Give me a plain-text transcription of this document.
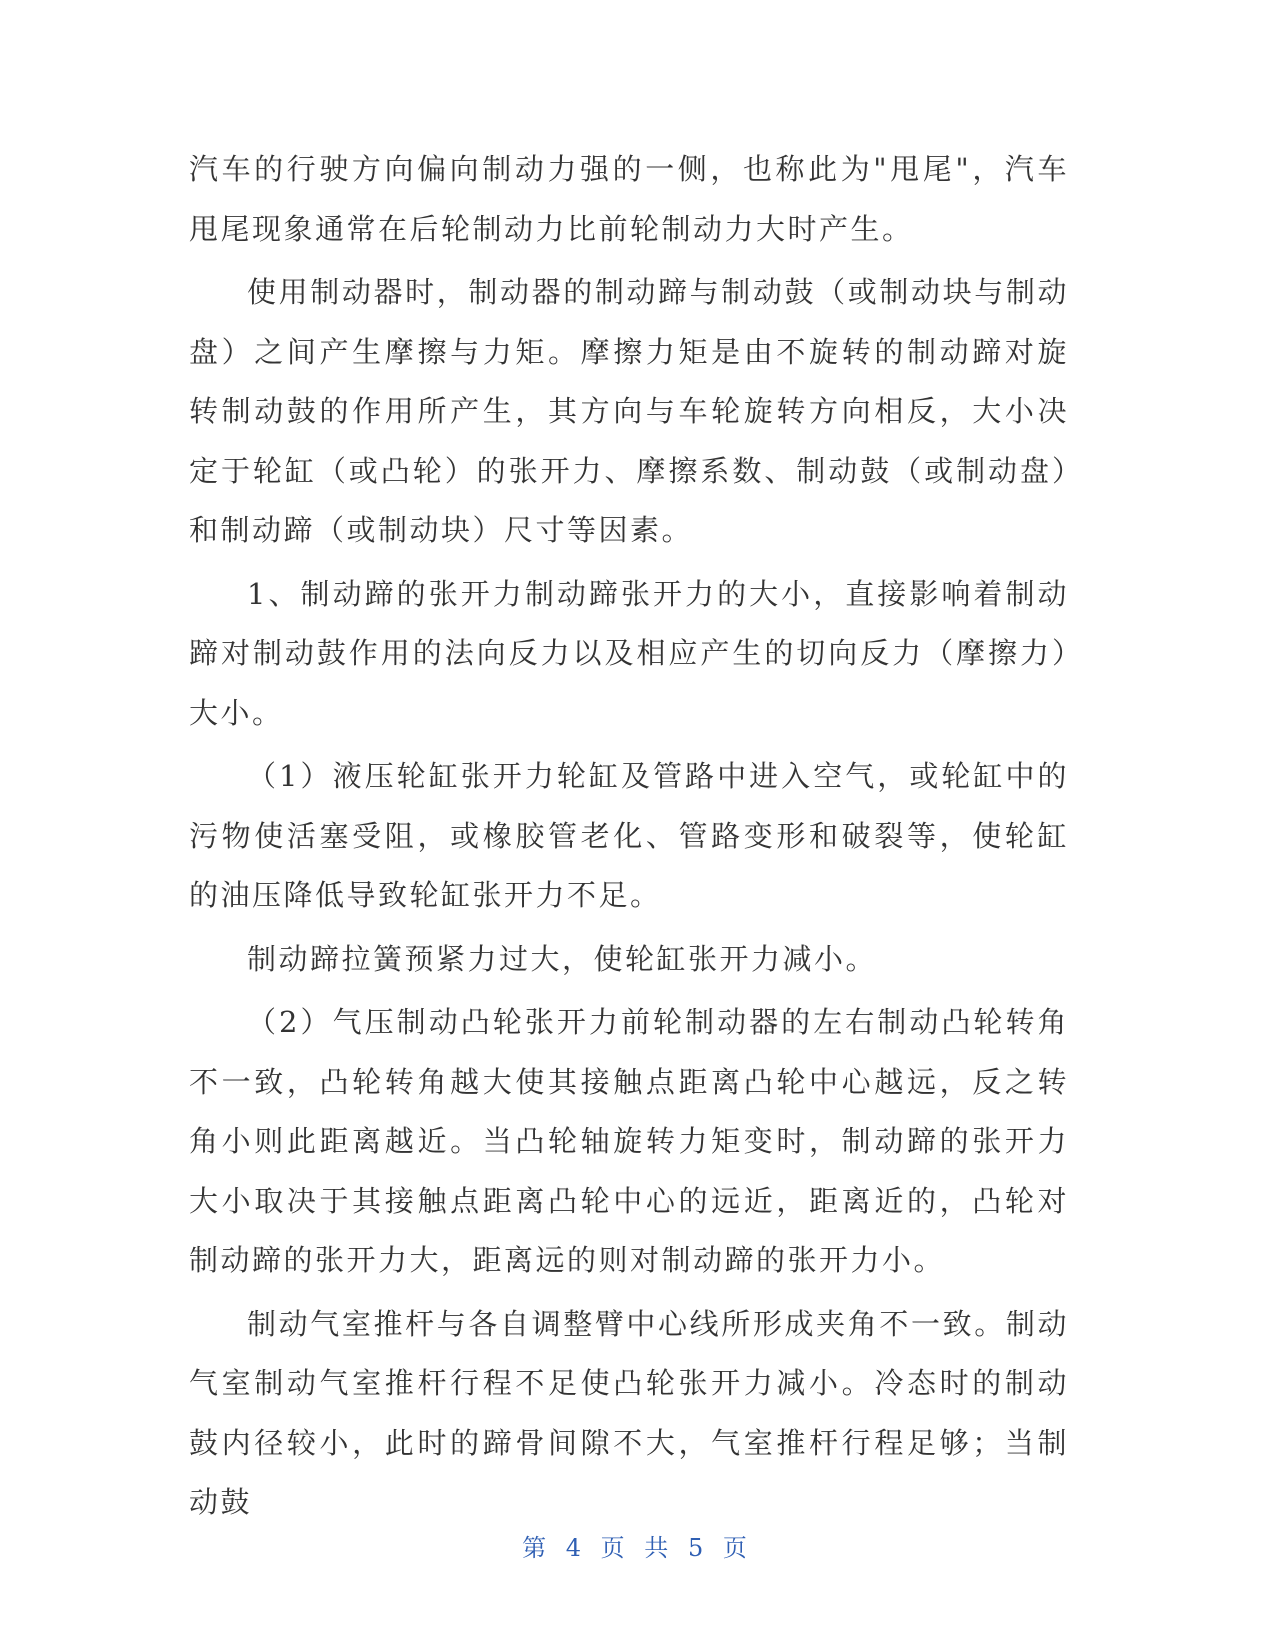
汽车的行驶方向偏向制动力强的一侧，也称此为"甩尾"，汽车甩尾现象通常在后轮制动力比前轮制动力大时产生。

使用制动器时，制动器的制动蹄与制动鼓（或制动块与制动盘）之间产生摩擦与力矩。摩擦力矩是由不旋转的制动蹄对旋转制动鼓的作用所产生，其方向与车轮旋转方向相反，大小决定于轮缸（或凸轮）的张开力、摩擦系数、制动鼓（或制动盘）和制动蹄（或制动块）尺寸等因素。

1、制动蹄的张开力制动蹄张开力的大小，直接影响着制动蹄对制动鼓作用的法向反力以及相应产生的切向反力（摩擦力）大小。

（1）液压轮缸张开力轮缸及管路中进入空气，或轮缸中的污物使活塞受阻，或橡胶管老化、管路变形和破裂等，使轮缸的油压降低导致轮缸张开力不足。

制动蹄拉簧预紧力过大，使轮缸张开力减小。

（2）气压制动凸轮张开力前轮制动器的左右制动凸轮转角不一致，凸轮转角越大使其接触点距离凸轮中心越远，反之转角小则此距离越近。当凸轮轴旋转力矩变时，制动蹄的张开力大小取决于其接触点距离凸轮中心的远近，距离近的，凸轮对制动蹄的张开力大，距离远的则对制动蹄的张开力小。

制动气室推杆与各自调整臂中心线所形成夹角不一致。制动气室制动气室推杆行程不足使凸轮张开力减小。冷态时的制动鼓内径较小，此时的蹄骨间隙不大，气室推杆行程足够；当制动鼓

第 4 页 共 5 页
